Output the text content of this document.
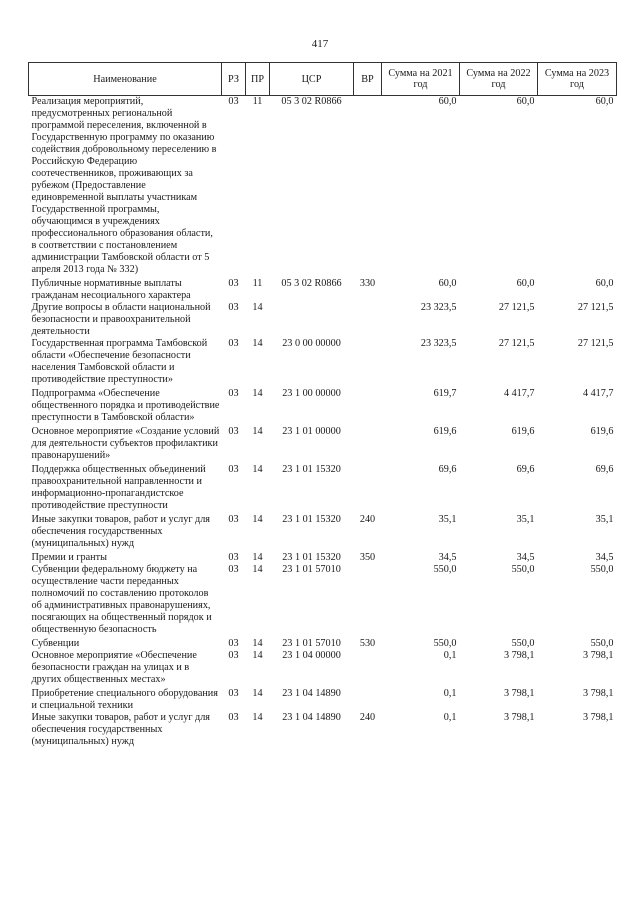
417
Наименование	РЗ	ПР	ЦСР	ВР	Сумма на 2021 год	Сумма на 2022 год	Сумма на 2023 год
Реализация мероприятий, предусмотренных региональной программой переселения, включенной в Государственную программу по оказанию содействия добровольному переселению в Российскую Федерацию соотечественников, проживающих за рубежом (Предоставление единовременной выплаты участникам Государственной программы, обучающимся в учреждениях профессионального образования области, в соответствии с постановлением администрации Тамбовской области от 5 апреля 2013 года № 332)	03	11	05 3 02 R0866		60,0	60,0	60,0
Публичные нормативные выплаты гражданам несоциального характера	03	11	05 3 02 R0866	330	60,0	60,0	60,0
Другие вопросы в области национальной безопасности и правоохранительной деятельности	03	14			23 323,5	27 121,5	27 121,5
Государственная программа Тамбовской области «Обеспечение безопасности населения Тамбовской области и противодействие преступности»	03	14	23 0 00 00000		23 323,5	27 121,5	27 121,5
Подпрограмма «Обеспечение общественного порядка и противодействие преступности в Тамбовской области»	03	14	23 1 00 00000		619,7	4 417,7	4 417,7
Основное мероприятие «Создание условий для деятельности субъектов профилактики правонарушений»	03	14	23 1 01 00000		619,6	619,6	619,6
Поддержка общественных объединений правоохранительной направленности и информационно-пропагандистское противодействие преступности	03	14	23 1 01 15320		69,6	69,6	69,6
Иные закупки товаров, работ и услуг для обеспечения государственных (муниципальных) нужд	03	14	23 1 01 15320	240	35,1	35,1	35,1
Премии и гранты	03	14	23 1 01 15320	350	34,5	34,5	34,5
Субвенции федеральному бюджету на осуществление части переданных полномочий по составлению протоколов об административных правонарушениях, посягающих на общественный порядок и общественную безопасность	03	14	23 1 01 57010		550,0	550,0	550,0
Субвенции	03	14	23 1 01 57010	530	550,0	550,0	550,0
Основное мероприятие «Обеспечение безопасности граждан на улицах и в других общественных местах»	03	14	23 1 04 00000		0,1	3 798,1	3 798,1
Приобретение специального оборудования и специальной техники	03	14	23 1 04 14890		0,1	3 798,1	3 798,1
Иные закупки товаров, работ и услуг для обеспечения государственных (муниципальных) нужд	03	14	23 1 04 14890	240	0,1	3 798,1	3 798,1
